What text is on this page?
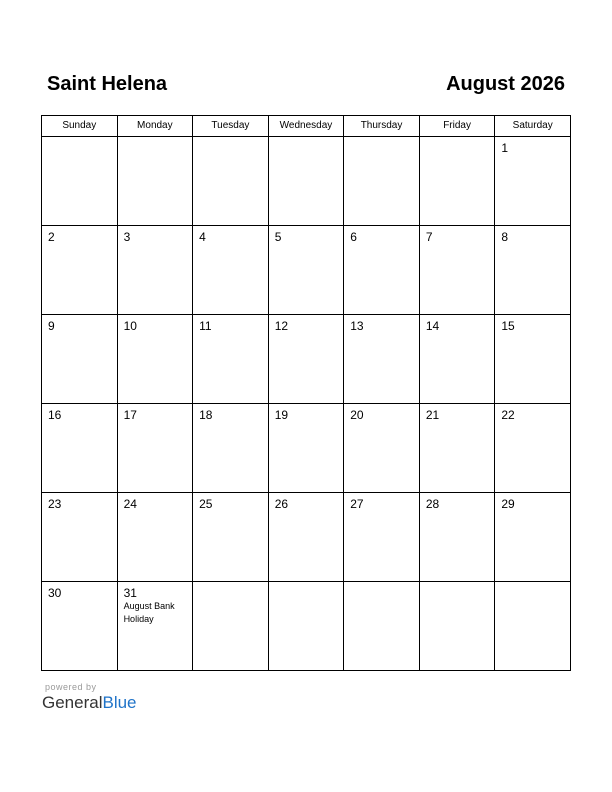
Saint Helena	August 2026
Sunday	Monday	Tuesday	Wednesday	Thursday	Friday	Saturday

						1

2	3	4	5	6	7	8

9	10	11	12	13	14	15

16	17	18	19	20	21	22

23	24	25	26	27	28	29

30	31
August Bank Holiday					

powered by
GeneralBlue
